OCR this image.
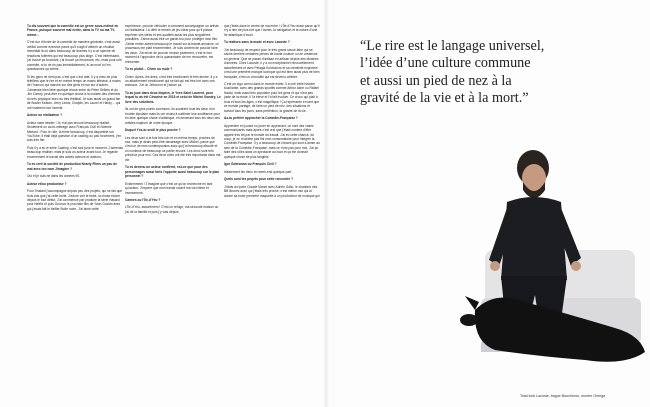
Tu dis souvent que la comédie est un genre sous-estimé en France, puisque souvent mal écrite, dans la TV ou ma TV-même…

C’est dur d’écrire de la comédie de manière générale, c’est aussi vieillot comme exercice parce qu’il s’agit d’obtenir un résultat immédiat là où dans beaucoup de drames il y a un spectre de réactions tolérées qui est beaucoup plus large. C’est intéressant, j’ai trouvé ça touchant, j’ai trouvé ça émouvant, etc, mais pour une comédie, si tu ne ris pas immédiatement, tu as mort tu t’en questionnes ça même.

Si les gens ne rient pas, c’est que c’est raté. Il y a chez de plus téléfilms que le rire et en même temps un moins télévisé, à moins de l’humour qui marche sur des gens et non sur d’autres. J’aimerais bien faire quelque chose entre du Peter Sellers et du Jim Carrey, peut-être en quelque chose à la croisée des chemins du très physique avec du très théâtral. Je suis aussi un grand fan de Buster Keaton, Jerry Lewis, Chaplin, les Laurel et Hardy… qui ont vraiment tout inventé.

Acteur ou réalisateur ?

Acteur sans hésiter ! Je n’ai pas encore beaucoup réalisé. Seulement un court-métrage avec François Civil et Noémie Merlant : Pour le rôle, la frime beaucoup, il est disponible sur YouTube. Il était déjà question d’un casting ou pas forcément, j’en suis très fier.

Puis il y a eu le série Casting, c’est tout pour le moment. J’aimerais beaucoup réaliser, mais je suis un acteur avant tout. Je regarde énormément le travail des autres acteurs et auteurs.

Tu es créé la société de production Nearly Films un peu de mal avec ton nom Jimagine ?

Oui et je suis né dans les années 90.

Acteur et/ou producteur ?

Pour l’instant j’accompagne depuis peu des projets, qui ne fait que trois ans que j’ai cette boîte. J’adore voir le bébé, la chose éclore depuis le tout début. J’ai commencé par produire la série Hasard pour Netflix et puis Gounoo le prochain film de Yann Gozlan avec qui j’avais fait le thriller Boîte noire. J’ai aimé cette

expérience, pouvoir véhiculer à comment accompagner un artiste, un réalisateur. Là offrir le terrain de jeu idéal pour qu’il puisse exprimer ses idées et ses qualités aussi les plus singulières possibles. J’aime aussi être un garde-fou pour protéger mon film. J’aime entrer autres beaucoup le travail sur la bande-annonce, ce processus me plaît énormément. Je suis content de pouvoir faire les deux. J’ai envie de pouvoir réussir justement, c’est le bon moment à l’approche de la quarantaine de me renouveler, me réinventer.

Tu es plutôt… Chien ou mule ?

Chien. Après, les ânes, c’est très émotionnel et très tendre. Il y a un attachement émotionnel qui se fait qui est très fort avec ces animaux. J’ai un Jébouron et j’adore ça.

Tu as joué dans deux biopics, le Yves Saint Laurent, pour lequel tu as été Césarisé en 2015 et celui de Michel Gondry, Le livre des solutions.

Ils ont de gros points communs. Ils soutirent tous les deux d’un trouble bipolaire mais ils ont réussi à sublimer leur souffrance pour en faire quelque chose d’artistique, en devenant tous les deux des artistes majeurs de notre époque.

Duquel t’es-tu senti le plus proche ?

Les deux sont à la fois très loin et en même temps, proches de moi, mais je dirais peut-être davantage avec Michel, parce que c’est un de mes contemporains avec qui j’ai beaucoup discuté et on continue de beaucoup se parler encore. Les deux sont très précieux pour moi. Ces deux rôles ont été très importants dans ma vie.

Tu es devenu un acteur confirmé, est-ce que pour des personnages aussi forts l’apporte aussi beaucoup sur le plan personnel ?

Evidemment ! J’imagine que c’est ce qu’on recherche en tant qu’acteur. J’espère que mon travail nourrit ma vie intime et inversement.

Cannes ou l’Île-d’Yeu ?

L’Île-d’Yeu, assurément ! C’est un refuge, ma seconde maison où j’ai de la famille et puis j’y vais depuis

que j’étais dans le ventre de ma mère ! L’Île-d’Yeu aussi parce qu’il n’y a rien de plus tort que l’océan, la navigation et la nature d’une île atlantique d’avoir.

Tu réalises sans la mode et avec Lacoste ?

J’ai beaucoup de respect pour le très grand savoir-faire qui se cache derrière certaines pièces de haute couture ou de créateurs en général. Que se passe d’artisan en artisan depuis des dizaines d’années. Chez Lacoste, il y a un exceptionnel renouvellement actuellement et avec Pelagia Kolotouros et sa créativité explosive c’est une première marque iconique qui est bien aussi plus de bien française, c’est un crocodile qui est devenu célèbre.

C’est un logo connu dans le monde entier. Il a une belle histoire touchante, avec des grands sportifs comme Arthur Ashe ou Rafael Nadal, mais aussi très populaire pour les gens et qui n’est pas juste de la mode, il l’a élevé et l’a fait évoluer. Ce croco qui plaît à tous et tous les âges, c’est magnifique ! Ça représente en tant que ce monde partagé, de faire un pied de nez, des situations et surtout tous les jours, sans prétention, la gravité de la vie.

As-tu préféré approcher la Comédie-Française ?

Apprendre en jouant ou jouer en apprenant, un sont des vases communicants mais après c’est vrai que j’étais content d’être appelé très tôt par le monde du travail. J’ai eu cette chance, du coup, je ne m’abîme pas fini mon conservatoire pour intégrer la Comédie-Française. Il y a beaucoup de choses qui sont à aimer au sein de la Comédie-Française, mais ce n’est pas pour moi. J’ai pu faire des rôles dans un spectacle au bout et ça me donnait quelque chose de plus tangible.

Igor Gotesman ou François Civil ?

Idéalement les deux en week-end quelque part.

Quels sont tes projets pour cette rencontre ?

J’étais au lycée Claude Monet avec Adrien Gallo, le chanteur des BB Brunes avec qui j’étais très proche, c’est même moi qui ai donné sa toute première maquette à un producteur de musique qui

“Le rire est le langage universel,
l’idée d’une culture commune
et aussi un pied de nez à la
gravité de la vie et à la mort.”
Total look Lacoste, bague Boucheron, montre Omega
